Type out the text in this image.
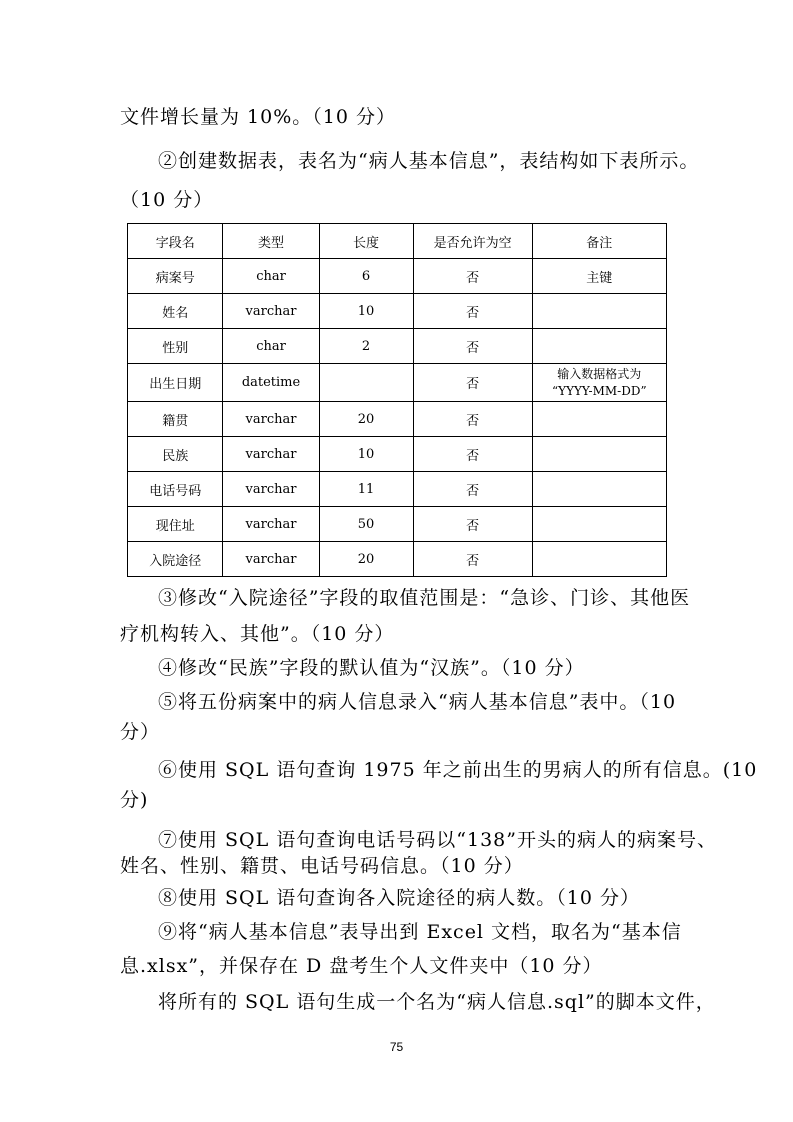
文件增长量为 10%。（10 分）
②创建数据表，表名为“病人基本信息”，表结构如下表所示。
（10 分）
字段名	类型	长度	是否允许为空	备注
病案号	char	6	否	主键
姓名	varchar	10	否	
性别	char	2	否	
出生日期	datetime		否	输入数据格式为
“YYYY-MM-DD”
籍贯	varchar	20	否	
民族	varchar	10	否	
电话号码	varchar	11	否	
现住址	varchar	50	否	
入院途径	varchar	20	否	
③修改“入院途径”字段的取值范围是：“急诊、门诊、其他医
疗机构转入、其他”。（10 分）
④修改“民族”字段的默认值为“汉族”。（10 分）
⑤将五份病案中的病人信息录入“病人基本信息”表中。（10
分）
⑥使用 SQL 语句查询 1975 年之前出生的男病人的所有信息。(10
分)
⑦使用 SQL 语句查询电话号码以“138”开头的病人的病案号、
姓名、性别、籍贯、电话号码信息。（10 分）
⑧使用 SQL 语句查询各入院途径的病人数。（10 分）
⑨将“病人基本信息”表导出到 Excel 文档，取名为“基本信
息.xlsx”，并保存在 D 盘考生个人文件夹中（10 分）
将所有的 SQL 语句生成一个名为“病人信息.sql”的脚本文件，
75
